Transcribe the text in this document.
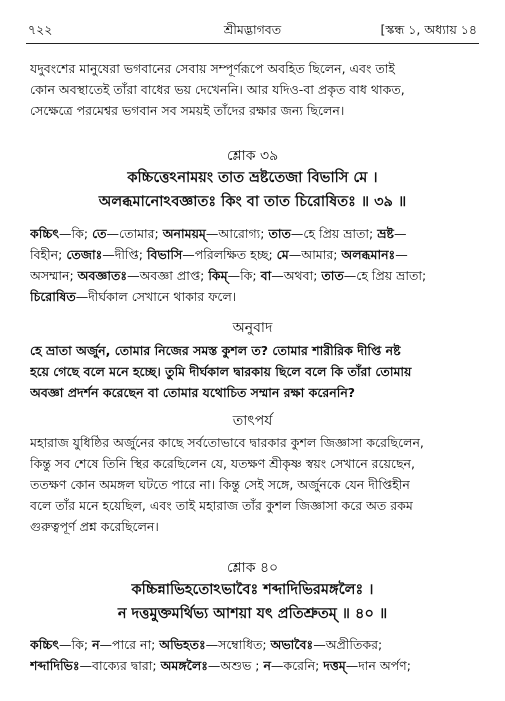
৭২২	শ্রীমদ্ভাগবত	[স্কন্ধ ১, অধ্যায় ১৪
যদুবংশের মানুষেরা ভগবানের সেবায় সম্পূর্ণরূপে অবহিত ছিলেন, এবং তাই
কোন অবস্থাতেই তাঁরা বাধের ভয় দেখেননি। আর যদিও-বা প্রকৃত বাধ থাকত,
সেক্ষেত্রে পরমেশ্বর ভগবান সব সময়ই তাঁদের রক্ষার জন্য ছিলেন।
শ্লোক ৩৯
কচ্চিত্তেঽনাময়ং তাত ভ্রষ্টতেজা বিভাসি মে ।
অলব্ধমানোঽবজ্ঞাতঃ কিং বা তাত চিরোষিতঃ ॥ ৩৯ ॥
কচ্চিৎ—কি; তে—তোমার; অনাময়ম্—আরোগ্য; তাত—হে প্রিয় ভ্রাতা; ভ্রষ্ট—
বিহীন; তেজাঃ—দীপ্তি; বিভাসি—পরিলক্ষিত হচ্ছ; মে—আমার; অলব্ধমানঃ—
অসম্মান; অবজ্ঞাতঃ—অবজ্ঞা প্রাপ্ত; কিম্—কি; বা—অথবা; তাত—হে প্রিয় ভ্রাতা;
চিরোষিত—দীর্ঘকাল সেখানে থাকার ফলে।
অনুবাদ
হে ভ্রাতা অর্জুন, তোমার নিজের সমস্ত কুশল ত? তোমার শারীরিক দীপ্তি নষ্ট
হয়ে গেছে বলে মনে হচ্ছে। তুমি দীর্ঘকাল দ্বারকায় ছিলে বলে কি তাঁরা তোমায়
অবজ্ঞা প্রদর্শন করেছেন বা তোমার যথোচিত সম্মান রক্ষা করেননি?
তাৎপর্য
মহারাজ যুধিষ্ঠির অর্জুনের কাছে সর্বতোভাবে দ্বারকার কুশল জিজ্ঞাসা করেছিলেন,
কিন্তু সব শেষে তিনি স্থির করেছিলেন যে, যতক্ষণ শ্রীকৃষ্ণ স্বয়ং সেখানে রয়েছেন,
ততক্ষণ কোন অমঙ্গল ঘটতে পারে না। কিন্তু সেই সঙ্গে, অর্জুনকে যেন দীপ্তিহীন
বলে তাঁর মনে হয়েছিল, এবং তাই মহারাজ তাঁর কুশল জিজ্ঞাসা করে অত রকম
গুরুত্বপূর্ণ প্রশ্ন করেছিলেন।
শ্লোক ৪০
কচ্চিন্নাভিহতোঽভাবৈঃ শব্দাদিভিরমঙ্গলৈঃ ।
ন দত্তমুক্তমর্থিভ্য আশয়া যৎ প্রতিশ্রুতম্ ॥ ৪০ ॥
কচ্চিৎ—কি; ন—পারে না; অভিহতঃ—সম্বোধিত; অভাবৈঃ—অপ্রীতিকর;
শব্দাদিভিঃ—বাক্যের দ্বারা; অমঙ্গলৈঃ—অশুভ ; ন—করেনি; দত্তম্—দান অর্পণ;
